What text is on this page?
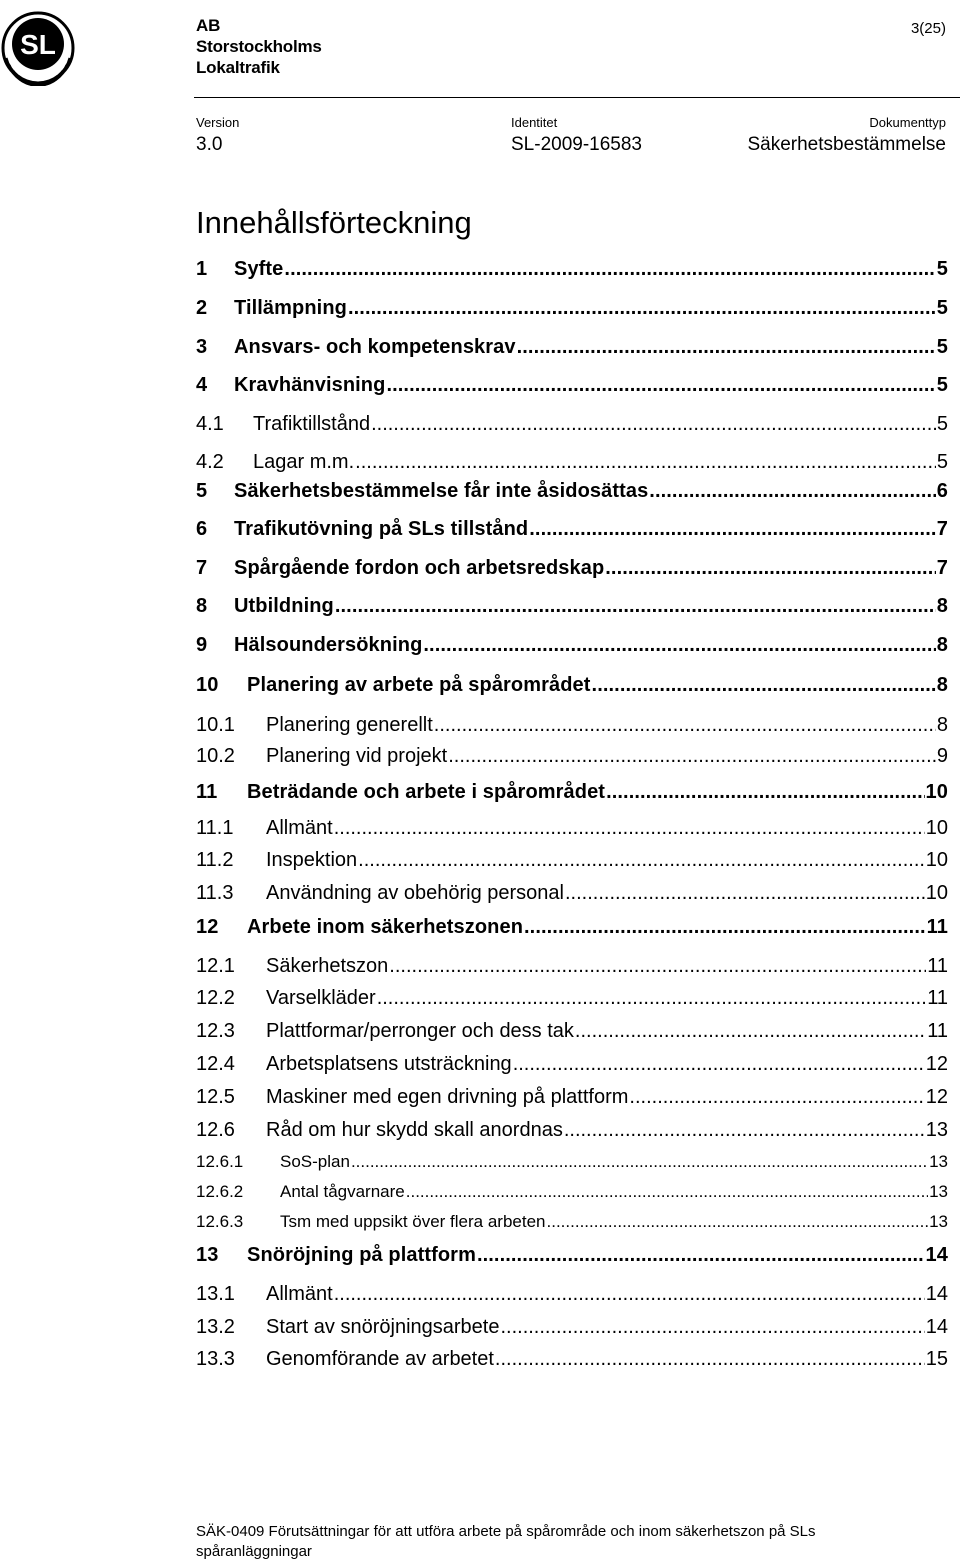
SL
AB
Storstockholms
Lokaltrafik
3(25)
Version
3.0
Identitet
SL-2009-16583
Dokumenttyp
Säkerhetsbestämmelse
Innehållsförteckning
1	Syfte .....	5
2	Tillämpning .....	5
3	Ansvars- och kompetenskrav .....	5
4	Kravhänvisning .....	5
4.1	Trafiktillstånd .....	5
4.2	Lagar m.m. .....	5
5	Säkerhetsbestämmelse får inte åsidosättas .....	6
6	Trafikutövning på SLs tillstånd .....	7
7	Spårgående fordon och arbetsredskap .....	7
8	Utbildning .....	8
9	Hälsoundersökning .....	8
10	Planering av arbete på spårområdet .....	8
10.1	Planering generellt .....	8
10.2	Planering vid projekt .....	9
11	Beträdande och arbete i spårområdet .....	10
11.1	Allmänt .....	10
11.2	Inspektion .....	10
11.3	Användning av obehörig personal .....	10
12	Arbete inom säkerhetszonen .....	11
12.1	Säkerhetszon .....	11
12.2	Varselkläder .....	11
12.3	Plattformar/perronger och dess tak .....	11
12.4	Arbetsplatsens utsträckning .....	12
12.5	Maskiner med egen drivning på plattform .....	12
12.6	Råd om hur skydd skall anordnas .....	13
12.6.1	SoS-plan .....	13
12.6.2	Antal tågvarnare .....	13
12.6.3	Tsm med uppsikt över flera arbeten .....	13
13	Snöröjning på plattform .....	14
13.1	Allmänt .....	14
13.2	Start av snöröjningsarbete .....	14
13.3	Genomförande av arbetet .....	15
SÄK-0409 Förutsättningar för att utföra arbete på spårområde och inom säkerhetszon på SLs
spåranläggningar
